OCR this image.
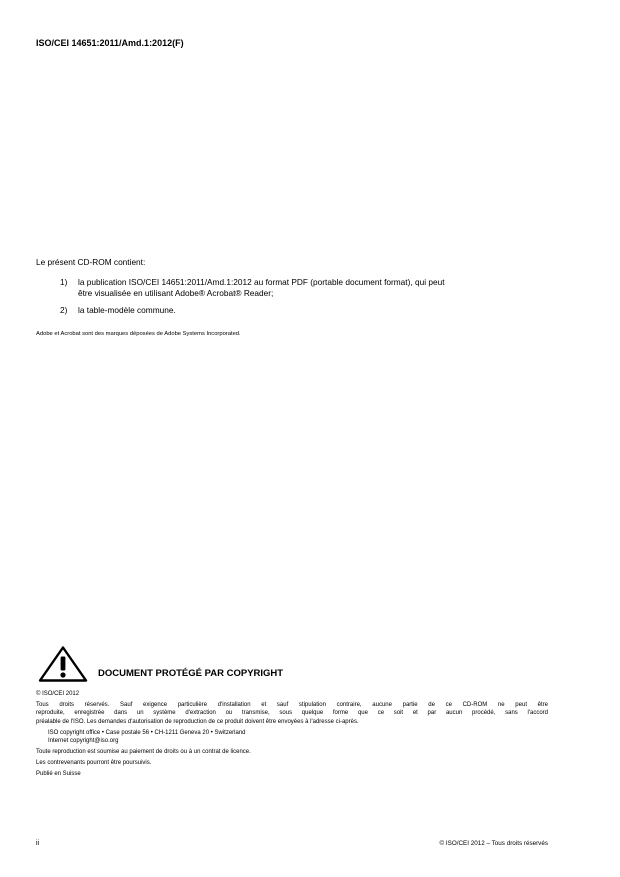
ISO/CEI 14651:2011/Amd.1:2012(F)
Le présent CD-ROM contient:
1)	la publication ISO/CEI 14651:2011/Amd.1:2012 au format PDF (portable document format), qui peut
être visualisée en utilisant Adobe® Acrobat® Reader;
2)	la table-modèle commune.
Adobe et Acrobat sont des marques déposées de Adobe Systems Incorporated.
DOCUMENT PROTÉGÉ PAR COPYRIGHT

© ISO/CEI 2012

Tous droits réservés. Sauf exigence particulière d'installation et sauf stipulation contraire, aucune partie de ce CD-ROM ne peut être
reproduite, enregistrée dans un système d'extraction ou transmise, sous quelque forme que ce soit et par aucun procédé, sans l'accord
préalable de l'ISO. Les demandes d'autorisation de reproduction de ce produit doivent être envoyées à l'adresse ci-après.

ISO copyright office • Case postale 56 • CH-1211 Geneva 20 • Switzerland

Internet copyright@iso.org

Toute reproduction est soumise au paiement de droits ou à un contrat de licence.

Les contrevenants pourront être poursuivis.

Publié en Suisse

ii	© ISO/CEI 2012 – Tous droits réservés
